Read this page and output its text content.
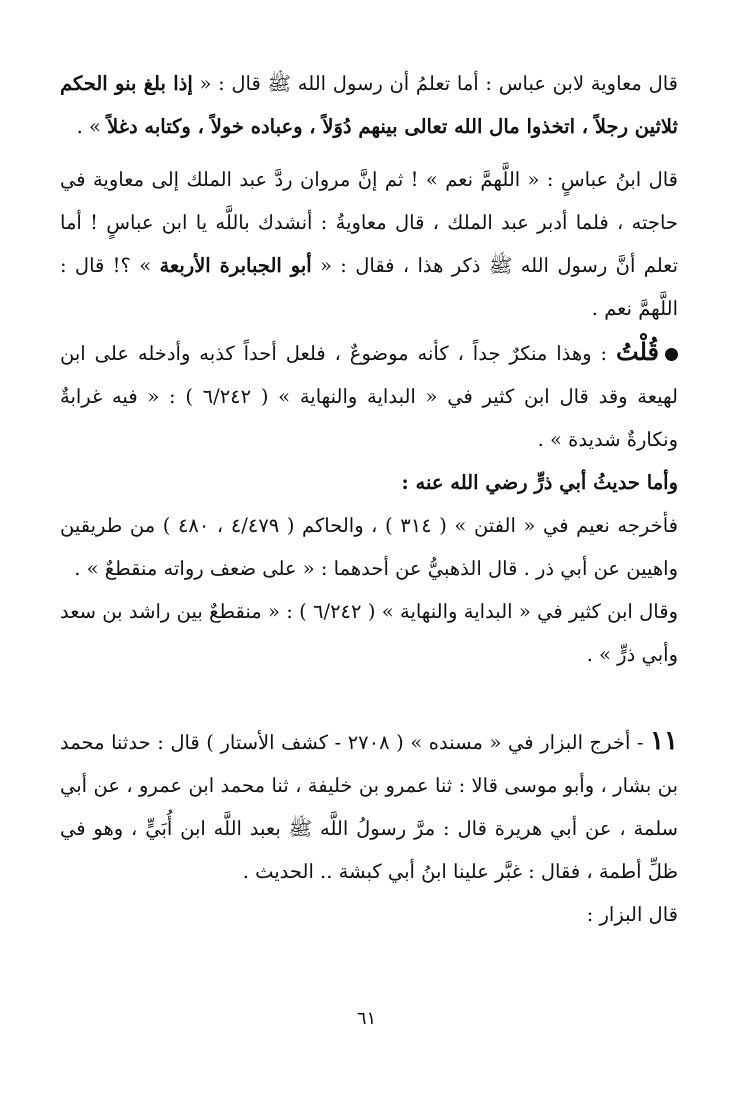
قال معاوية لابن عباس : أما تعلمُ أن رسول الله ﷺ قال : « إذا بلغ بنو الحكم ثلاثين رجلاً ، اتخذوا مال الله تعالى بينهم دُوَلاً ، وعباده خولاً ، وكتابه دغلاً » .

قال ابنُ عباسٍ : « اللَّهمَّ نعم » ! ثم إنَّ مروان ردَّ عبد الملك إلى معاوية في حاجته ، فلما أدبر عبد الملك ، قال معاويةُ : أنشدك باللَّه يا ابن عباسٍ ! أما تعلم أنَّ رسول الله ﷺ ذكر هذا ، فقال : « أبو الجبابرة الأربعة » ؟! قال : اللَّهمَّ نعم .

قُلْتُ : وهذا منكرٌ جداً ، كأنه موضوعٌ ، فلعل أحداً كذبه وأدخله على ابن لهيعة وقد قال ابن كثير في « البداية والنهاية » ( ٦/٢٤٢ ) : « فيه غرابةٌ ونكارةٌ شديدة » .

وأما حديثُ أبي ذرٍّ رضي الله عنه :

فأخرجه نعيم في « الفتن » ( ٣١٤ ) ، والحاكم ( ٤/٤٧٩ ، ٤٨٠ ) من طريقين واهيين عن أبي ذر . قال الذهبيُّ عن أحدهما : « على ضعف رواته منقطعٌ » .

وقال ابن كثير في « البداية والنهاية » ( ٦/٢٤٢ ) : « منقطعٌ بين راشد بن سعد وأبي ذرٍّ » .

١١ - أخرج البزار في « مسنده » ( ٢٧٠٨ - كشف الأستار ) قال : حدثنا محمد بن بشار ، وأبو موسى قالا : ثنا عمرو بن خليفة ، ثنا محمد ابن عمرو ، عن أبي سلمة ، عن أبي هريرة قال : مرَّ رسولُ اللَّه ﷺ بعبد اللَّه ابن أُبَيٍّ ، وهو في ظلِّ أطمة ، فقال : غبَّر علينا ابنُ أبي كبشة .. الحديث .

قال البزار :

٦١
